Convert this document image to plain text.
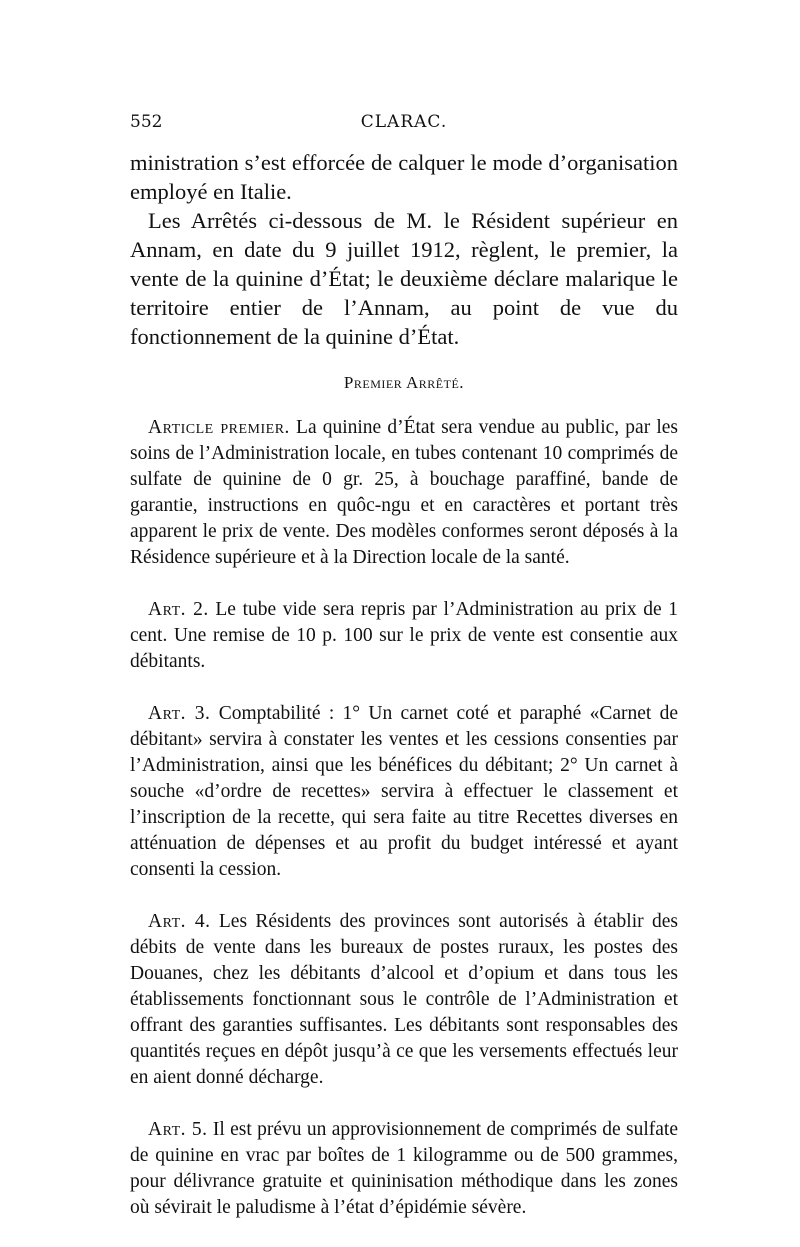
552	CLARAC.

ministration s’est efforcée de calquer le mode d’organisation employé en Italie.

Les Arrêtés ci-dessous de M. le Résident supérieur en Annam, en date du 9 juillet 1912, règlent, le premier, la vente de la quinine d’État; le deuxième déclare malarique le territoire entier de l’Annam, au point de vue du fonctionnement de la quinine d’État.

Premier Arrêté.

Article premier. La quinine d’État sera vendue au public, par les soins de l’Administration locale, en tubes contenant 10 comprimés de sulfate de quinine de 0 gr. 25, à bouchage paraffiné, bande de garantie, instructions en quôc-ngu et en caractères et portant très apparent le prix de vente. Des modèles conformes seront déposés à la Résidence supérieure et à la Direction locale de la santé.

Art. 2. Le tube vide sera repris par l’Administration au prix de 1 cent. Une remise de 10 p. 100 sur le prix de vente est consentie aux débitants.

Art. 3. Comptabilité : 1° Un carnet coté et paraphé «Carnet de débitant» servira à constater les ventes et les cessions consenties par l’Administration, ainsi que les bénéfices du débitant; 2° Un carnet à souche «d’ordre de recettes» servira à effectuer le classement et l’inscription de la recette, qui sera faite au titre Recettes diverses en atténuation de dépenses et au profit du budget intéressé et ayant consenti la cession.

Art. 4. Les Résidents des provinces sont autorisés à établir des débits de vente dans les bureaux de postes ruraux, les postes des Douanes, chez les débitants d’alcool et d’opium et dans tous les établissements fonctionnant sous le contrôle de l’Administration et offrant des garanties suffisantes. Les débitants sont responsables des quantités reçues en dépôt jusqu’à ce que les versements effectués leur en aient donné décharge.

Art. 5. Il est prévu un approvisionnement de comprimés de sulfate de quinine en vrac par boîtes de 1 kilogramme ou de 500 grammes, pour délivrance gratuite et quininisation méthodique dans les zones où sévirait le paludisme à l’état d’épidémie sévère.
